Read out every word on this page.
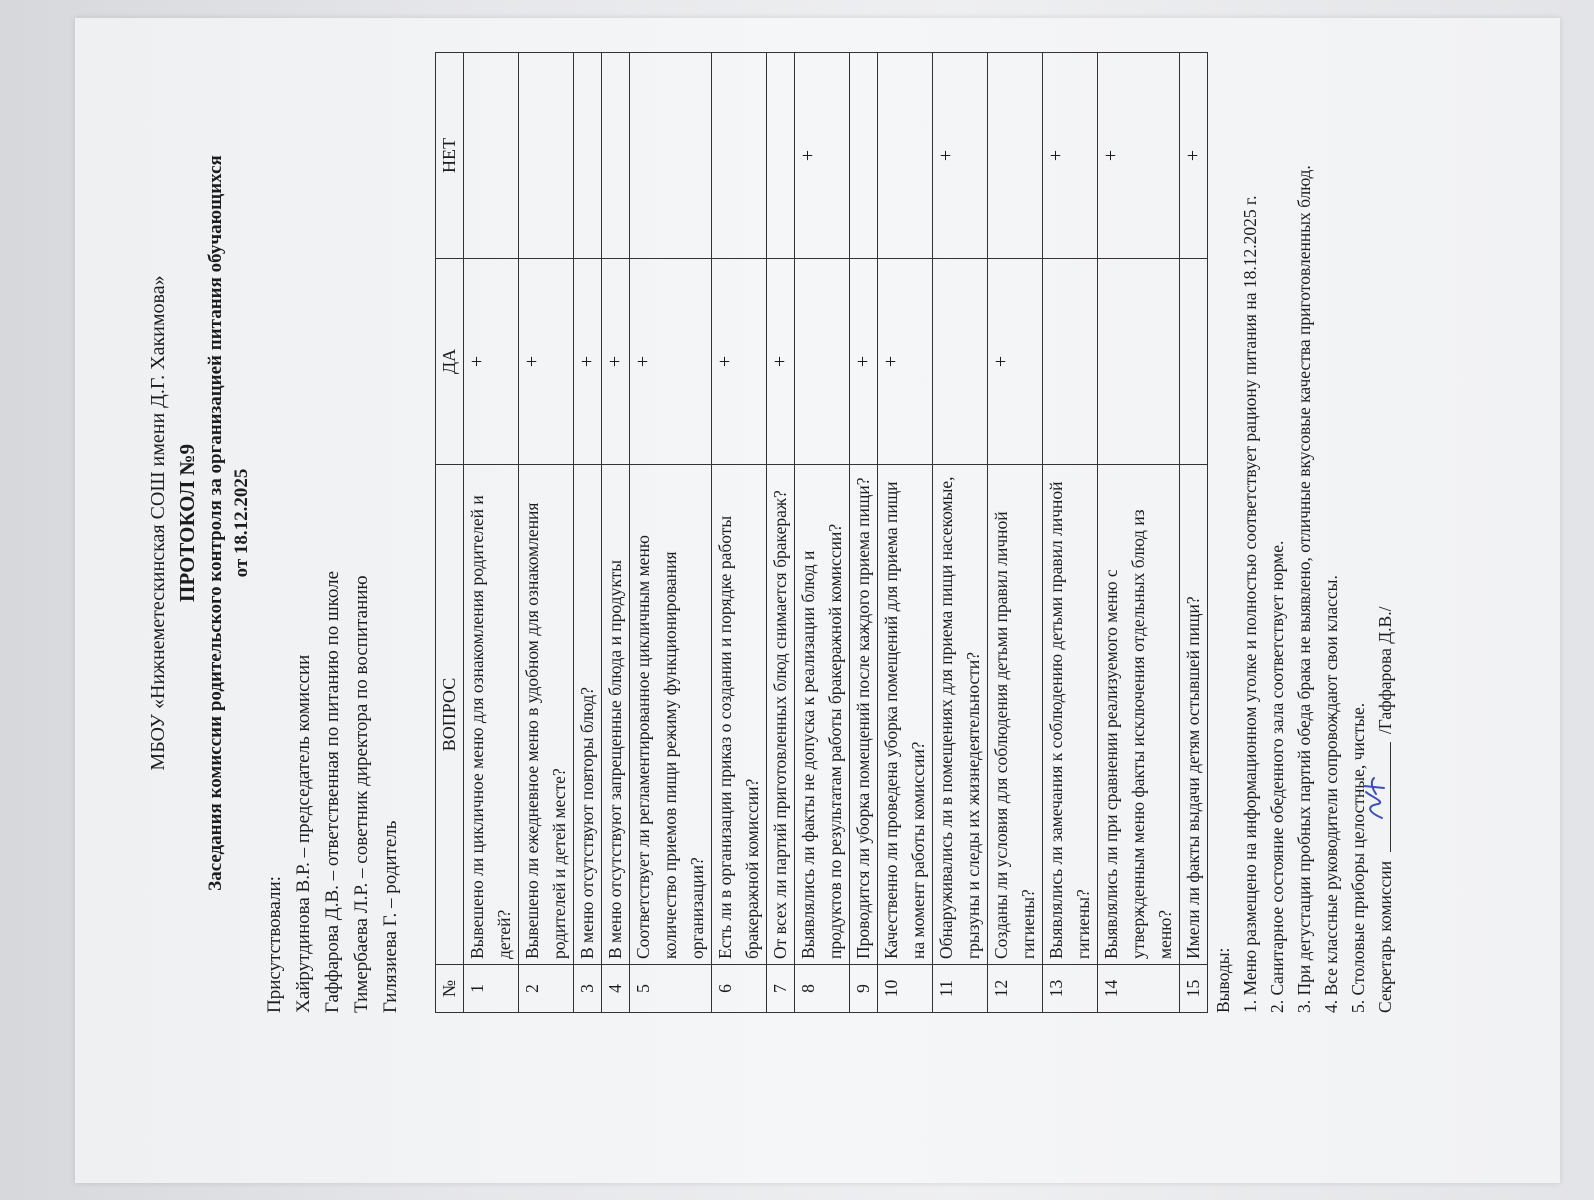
МБОУ «Нижнеметескинская СОШ имени Д.Г. Хакимова» ПРОТОКОЛ №9 Заседания комиссии родительского контроля за организацией питания обучающихся от 18.12.2025
Присутствовали: Хайрутдинова В.Р. – председатель комиссии Гаффарова Д.В. – ответственная по питанию по школе Тимербаева Л.Р. – советник директора по воспитанию Гилязиева Г. – родитель №	ВОПРОС	ДА	НЕТ
1	Вывешено ли цикличное меню для ознакомления родителей и детей?	+	
2	Вывешено ли ежедневное меню в удобном для ознакомления родителей и детей месте?	+	
3	В меню отсутствуют повторы блюд?	+	
4	В меню отсутствуют запрещенные блюда и продукты	+	
5	Соответствует ли регламентированное цикличным меню количество приемов пищи режиму функционирования организации?	+	
6	Есть ли в организации приказ о создании и порядке работы бракеражной комиссии?	+	
7	От всех ли партий приготовленных блюд снимается бракераж?	+	
8	Выявлялись ли факты не допуска к реализации блюд и продуктов по результатам работы бракеражной комиссии?		+
9	Проводится ли уборка помещений после каждого приема пищи?	+	
10	Качественно ли проведена уборка помещений для приема пищи на момент работы комиссии?	+	
11	Обнаруживались ли в помещениях для приема пищи насекомые, грызуны и следы их жизнедеятельности?		+
12	Созданы ли условия для соблюдения детьми правил личной гигиены?	+	
13	Выявлялись ли замечания к соблюдению детьми правил личной гигиены?		+
14	Выявлялись ли при сравнении реализуемого меню с утвержденным меню факты исключения отдельных блюд из меню?		+
15	Имели ли факты выдачи детям остывшей пищи?		+
Выводы: 1. Меню размещено на информационном уголке и полностью соответствует рациону питания на 18.12.2025 г. 2. Санитарное состояние обеденного зала соответствует норме. 3. При дегустации пробных партий обеда брака не выявлено, отличные вкусовые качества приготовленных блюд. 4. Все классные руководители сопровождают свои классы. 5. Столовые приборы целостные, чистые. Секретарь комиссии
/Гаффарова Д.В./
